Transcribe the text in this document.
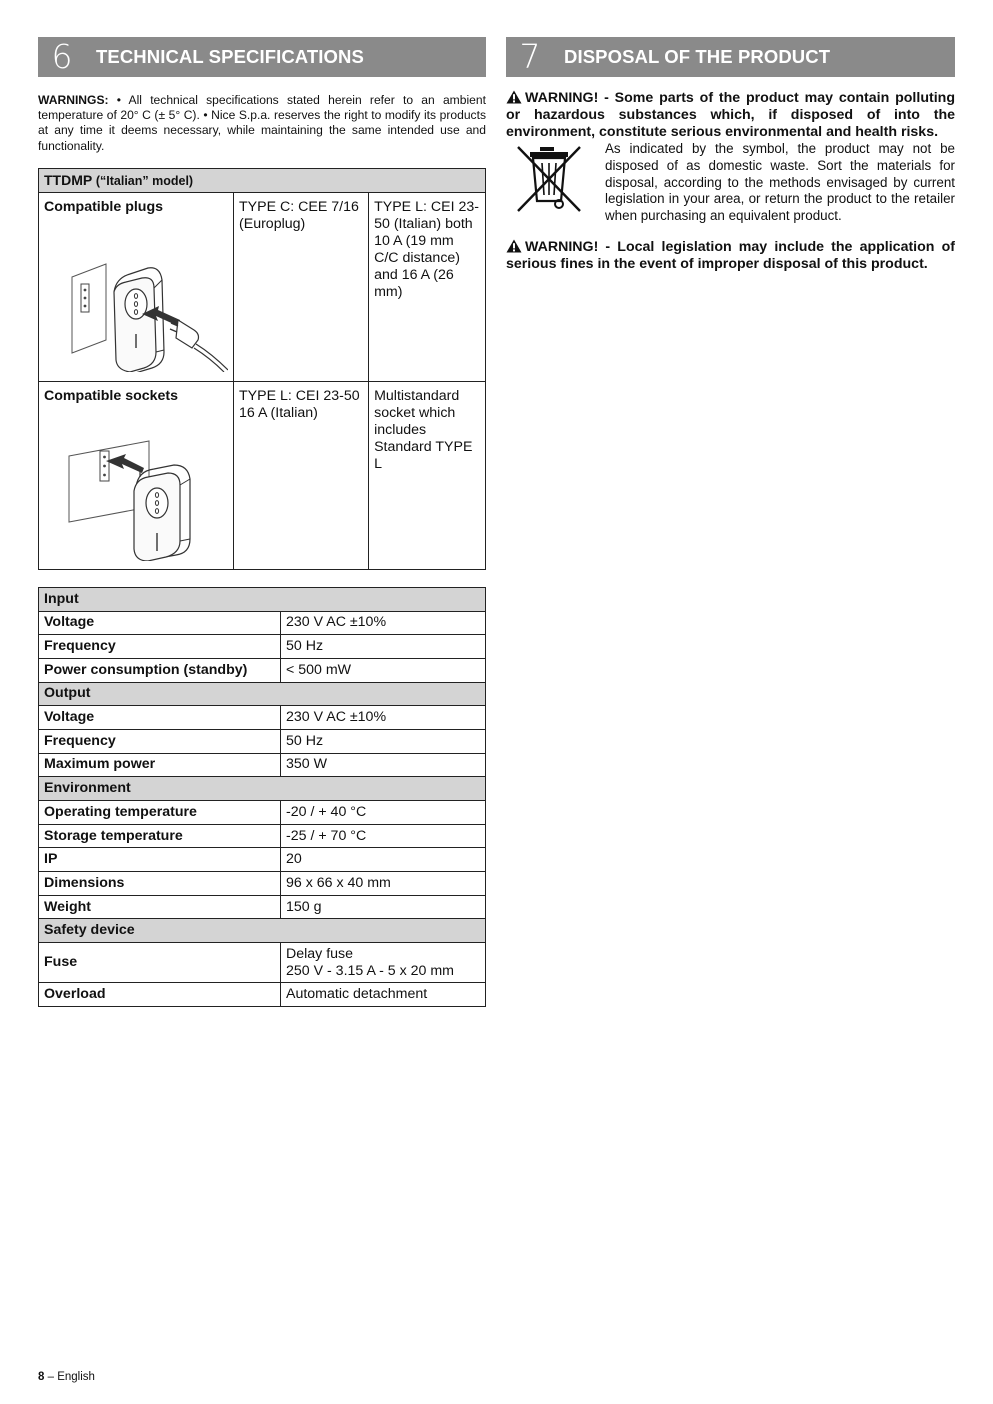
6	TECHNICAL SPECIFICATIONS

WARNINGS: • All technical specifications stated herein refer to an ambient temperature of 20° C (± 5° C). • Nice S.p.a. reserves the right to modify its products at any time it deems necessary, while maintaining the same intended use and functionality.

TTDMP (“Italian” model)		

Compatible plugs	TYPE C: CEE 7/16 (Europlug)	TYPE L: CEI 23-50 (Italian) both 10 A (19 mm C/C distance) and 16 A (26 mm)

Compatible sockets	TYPE L: CEI 23-50 16 A (Italian)	Multistandard socket which includes Standard TYPE L
Input	
Voltage	230 V AC ±10%
Frequency	50 Hz
Power consumption (standby)	< 500 mW
Output	
Voltage	230 V AC ±10%
Frequency	50 Hz
Maximum power	350 W
Environment	
Operating temperature	-20 / + 40 °C
Storage temperature	-25 / + 70 °C
IP	20
Dimensions	96 x 66 x 40 mm
Weight	150 g
Safety device	
Fuse	Delay fuse
250 V - 3.15 A - 5 x 20 mm

Overload	Automatic detachment
7	DISPOSAL OF THE PRODUCT

WARNING! - Some parts of the product may contain polluting or hazardous substances which, if disposed of into the environment, constitute serious environmental and health risks.

As indicated by the symbol, the product may not be disposed of as domestic waste. Sort the materials for disposal, according to the methods envisaged by current legislation in your area, or return the product to the retailer when purchasing an equivalent product.

WARNING! - Local legislation may include the application of serious fines in the event of improper disposal of this product.

8 – English
